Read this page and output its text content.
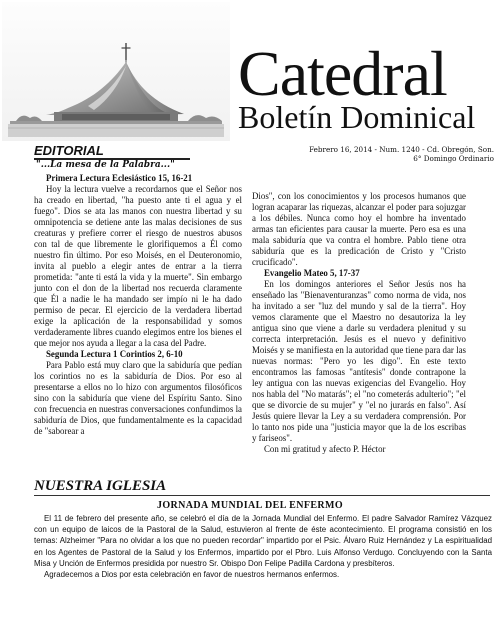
Catedral
Boletín Dominical
EDITORIAL	Febrero 16, 2014 - Num. 1240 - Cd. Obregón, Son.
6° Domingo Ordinario
"...La mesa de la Palabra..."

Primera Lectura Eclesiástico 15, 16-21

Hoy la lectura vuelve a recordarnos que el Señor nos ha creado en libertad, "ha puesto ante ti el agua y el fuego". Dios se ata las manos con nuestra libertad y su omnipotencia se detiene ante las malas decisiones de sus creaturas y prefiere correr el riesgo de nuestros abusos con tal de que libremente le glorifiquemos a Él como nuestro fin último. Por eso Moisés, en el Deuteronomio, invita al pueblo a elegir antes de entrar a la tierra prometida: "ante ti está la vida y la muerte". Sin embargo junto con el don de la libertad nos recuerda claramente que Él a nadie le ha mandado ser impío ni le ha dado permiso de pecar. El ejercicio de la verdadera libertad exige la aplicación de la responsabilidad y somos verdaderamente libres cuando elegimos entre los bienes el que mejor nos ayuda a llegar a la casa del Padre.

Segunda Lectura 1 Corintios 2, 6-10

Para Pablo está muy claro que la sabiduría que pedían los corintios no es la sabiduría de Dios. Por eso al presentarse a ellos no lo hizo con argumentos filosóficos sino con la sabiduría que viene del Espíritu Santo. Sino con frecuencia en nuestras conversaciones confundimos la sabiduría de Dios, que fundamentalmente es la capacidad de "saborear a

Dios", con los conocimientos y los procesos humanos que logran acaparar las riquezas, alcanzar el poder para sojuzgar a los débiles. Nunca como hoy el hombre ha inventado armas tan eficientes para causar la muerte. Pero esa es una mala sabiduría que va contra el hombre. Pablo tiene otra sabiduría que es la predicación de Cristo y "Cristo crucificado".

Evangelio Mateo 5, 17-37

En los domingos anteriores el Señor Jesús nos ha enseñado las "Bienaventuranzas" como norma de vida, nos ha invitado a ser "luz del mundo y sal de la tierra". Hoy vemos claramente que el Maestro no desautoriza la ley antigua sino que viene a darle su verdadera plenitud y su correcta interpretación. Jesús es el nuevo y definitivo Moisés y se manifiesta en la autoridad que tiene para dar las nuevas normas: "Pero yo les digo". En este texto encontramos las famosas "antítesis" donde contrapone la ley antigua con las nuevas exigencias del Evangelio. Hoy nos habla del "No matarás"; el "no cometerás adulterio"; "el que se divorcie de su mujer" y "el no jurarás en falso". Así Jesús quiere llevar la Ley a su verdadera comprensión. Por lo tanto nos pide una "justicia mayor que la de los escribas y fariseos".

Con mi gratitud y afecto P. Héctor

NUESTRA IGLESIA
JORNADA MUNDIAL DEL ENFERMO

El 11 de febrero del presente año, se celebró el día de la Jornada Mundial del Enfermo. El padre Salvador Ramírez Vázquez con un equipo de laicos de la Pastoral de la Salud, estuvieron al frente de éste acontecimiento. El programa consistió en los temas: Alzheimer "Para no olvidar a los que no pueden recordar" impartido por el Psic. Álvaro Ruiz Hernández y La espiritualidad en los Agentes de Pastoral de la Salud y los Enfermos, impartido por el Pbro. Luis Alfonso Verdugo. Concluyendo con la Santa Misa y Unción de Enfermos presidida por nuestro Sr. Obispo Don Felipe Padilla Cardona y presbíteros.

Agradecemos a Dios por esta celebración en favor de nuestros hermanos enfermos.
